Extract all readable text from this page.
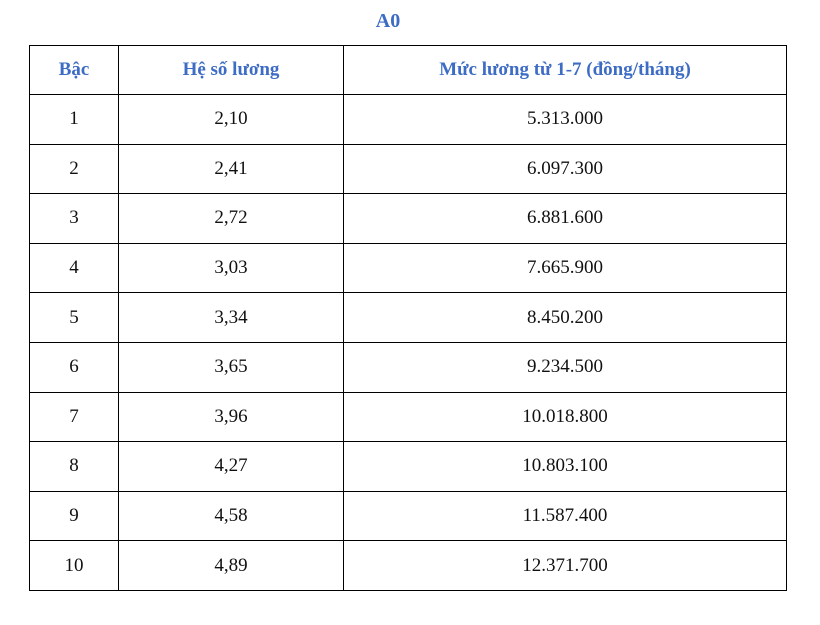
A0
Bậc	Hệ số lương	Mức lương từ 1-7 (đồng/tháng)
1	2,10	5.313.000
2	2,41	6.097.300
3	2,72	6.881.600
4	3,03	7.665.900
5	3,34	8.450.200
6	3,65	9.234.500
7	3,96	10.018.800
8	4,27	10.803.100
9	4,58	11.587.400
10	4,89	12.371.700
